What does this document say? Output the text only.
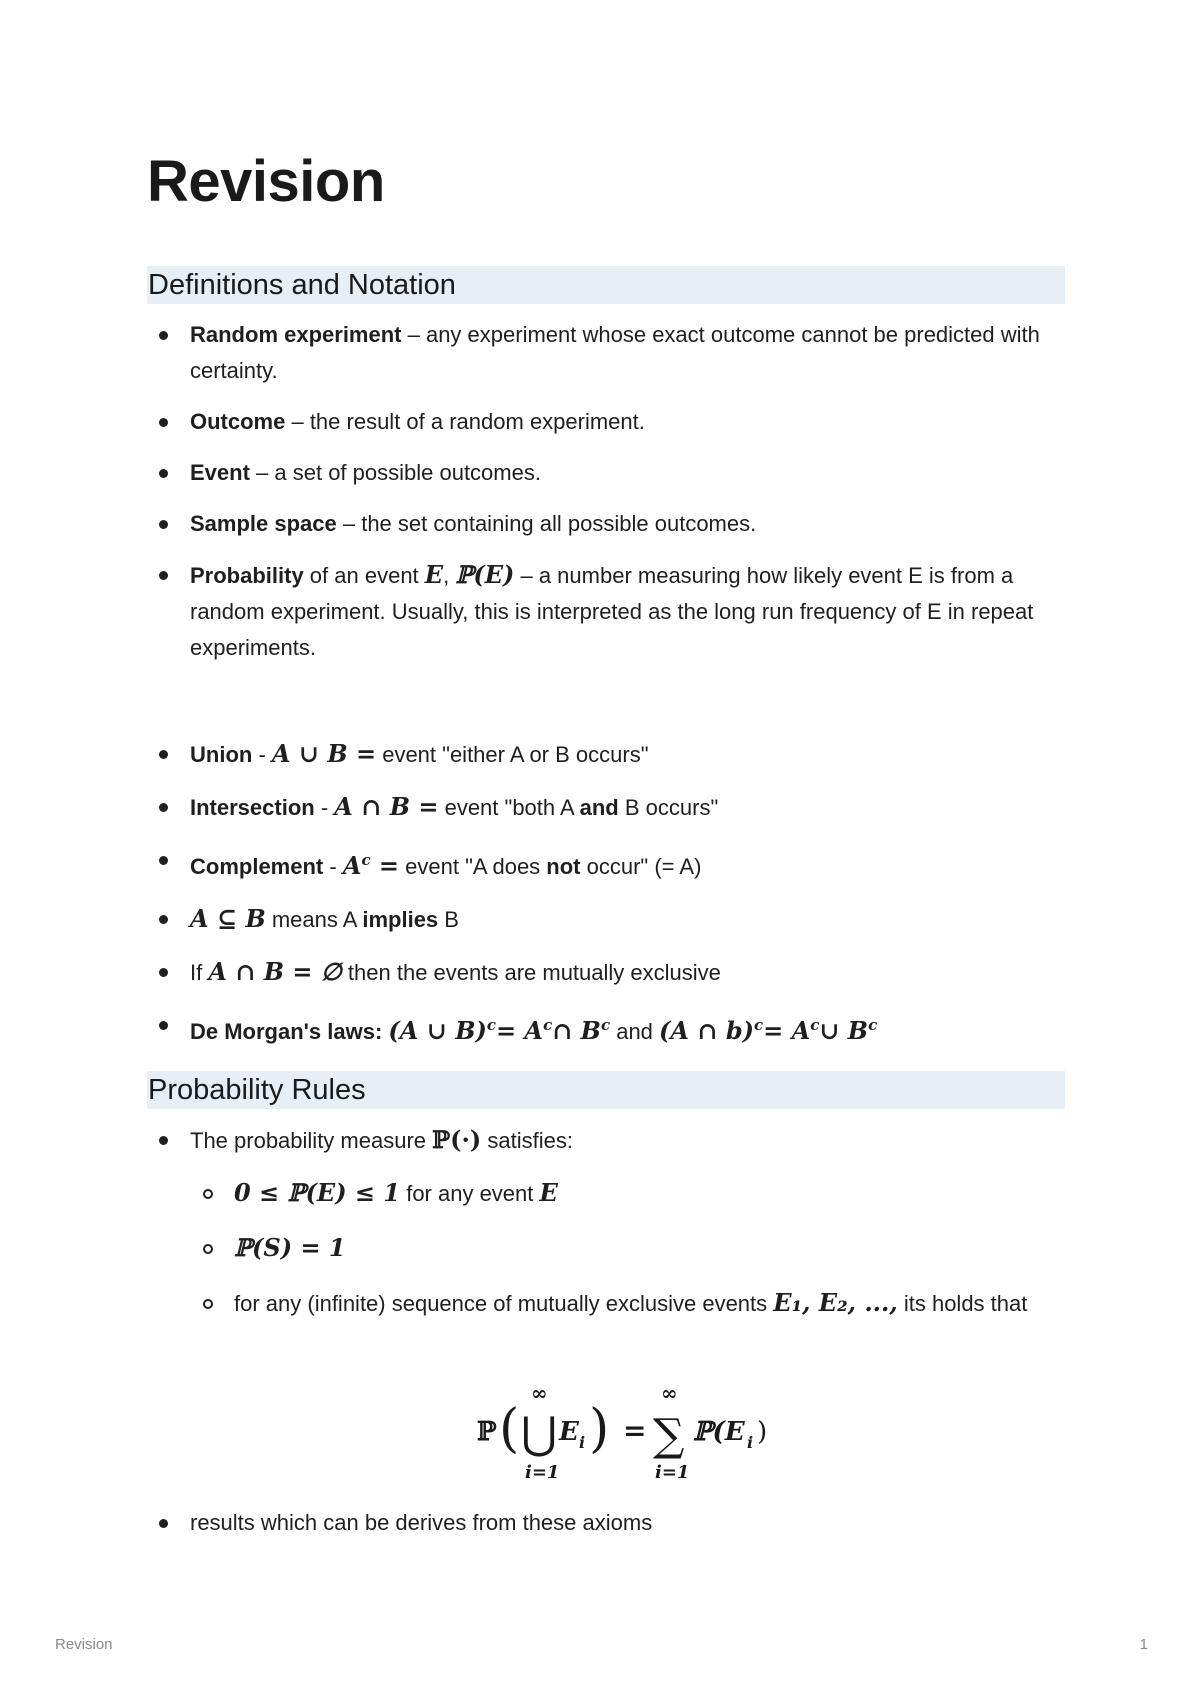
Revision
Definitions and Notation
Random experiment – any experiment whose exact outcome cannot be predicted with certainty.
Outcome – the result of a random experiment.
Event – a set of possible outcomes.
Sample space – the set containing all possible outcomes.
Probability of an event E, ℙ(E) – a number measuring how likely event E is from a random experiment. Usually, this is interpreted as the long run frequency of E in repeat experiments.
Union - A ∪ B = event "either A or B occurs"
Intersection - A ∩ B = event "both A and B occurs"
Complement - $A^c$ = event "A does not occur" (= A)
A ⊆ B means A implies B
If A ∩ B = ∅ then the events are mutually exclusive
De Morgan's laws: (A ∪ $B)^c= A^c\cap$ $B^c$ and (A ∩ $b)^c= A^c\cup$ $B^c$
Probability Rules
The probability measure ℙ(·) satisfies:
0 ≤ ℙ(E) ≤ 1 for any event E
ℙ(S) = 1
for any (infinite) sequence of mutually exclusive events E₁, E₂, ..., its holds that
ℙ (
∞
⋃
i=1
E i ) =
∞
∑
i=1
ℙ(E i )
results which can be derives from these axioms
Revision	1
